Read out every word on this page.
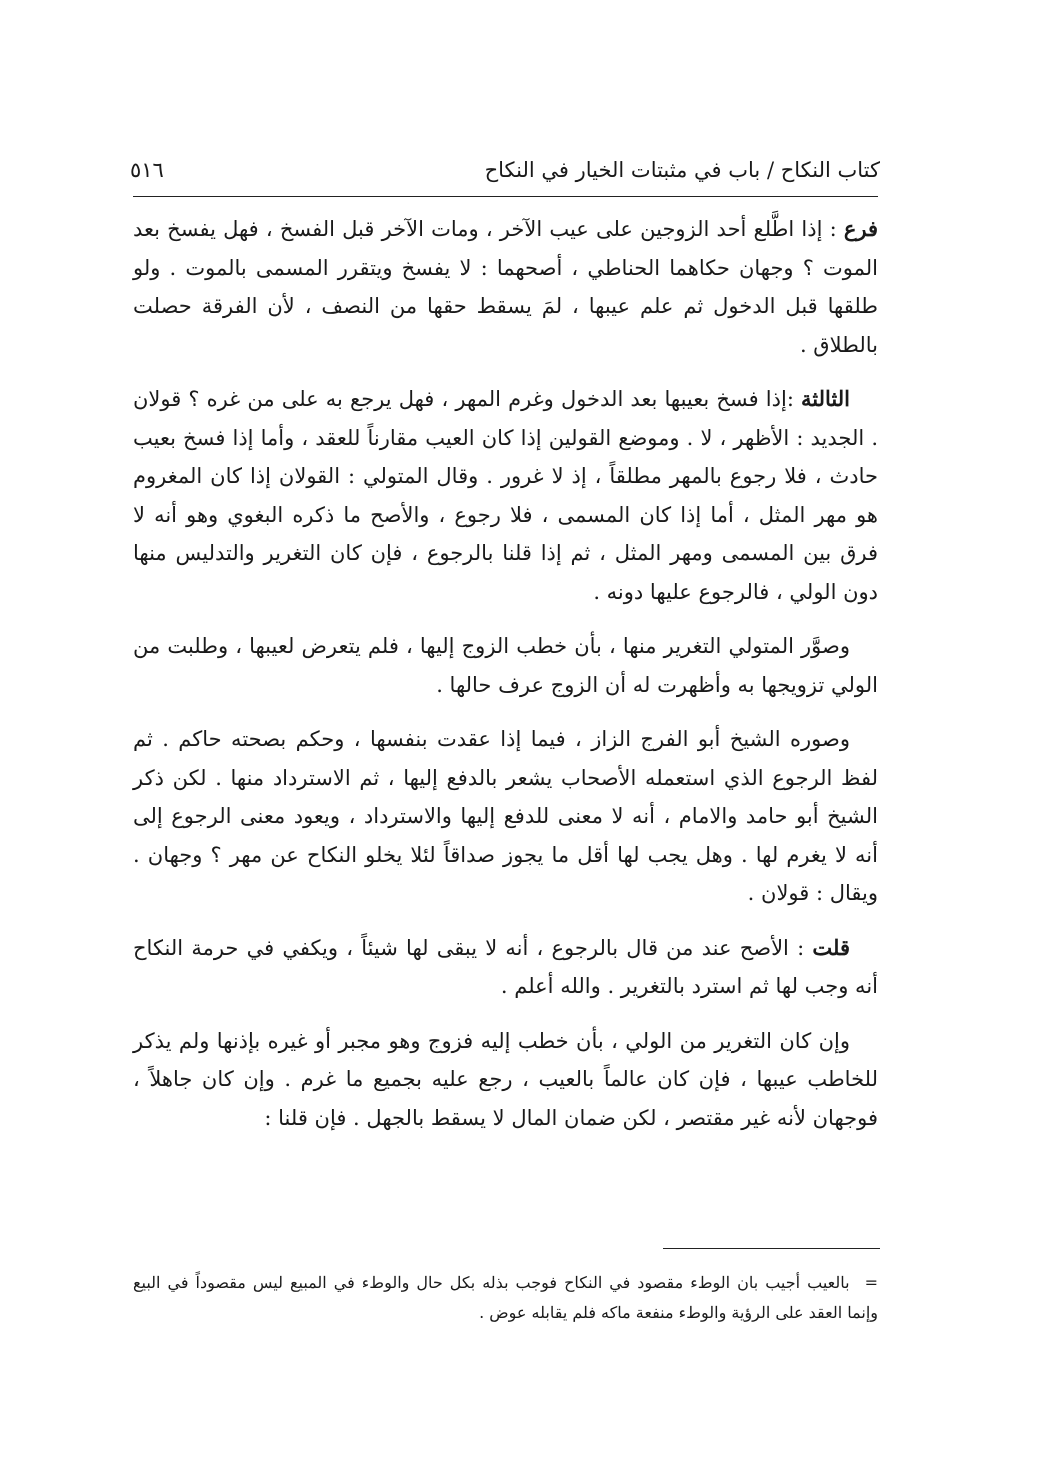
كتاب النكاح / باب في مثبتات الخيار في النكاح
٥١٦

فرع : إذا اطَّلع أحد الزوجين على عيب الآخر ، ومات الآخر قبل الفسخ ، فهل يفسخ بعد الموت ؟ وجهان حكاهما الحناطي ، أصحهما : لا يفسخ ويتقرر المسمى بالموت . ولو طلقها قبل الدخول ثم علم عيبها ، لمَ يسقط حقها من النصف ، لأن الفرقة حصلت بالطلاق .

الثالثة :إذا فسخ بعيبها بعد الدخول وغرم المهر ، فهل يرجع به على من غره ؟ قولان . الجديد : الأظهر ، لا . وموضع القولين إذا كان العيب مقارناً للعقد ، وأما إذا فسخ بعيب حادث ، فلا رجوع بالمهر مطلقاً ، إذ لا غرور . وقال المتولي : القولان إذا كان المغروم هو مهر المثل ، أما إذا كان المسمى ، فلا رجوع ، والأصح ما ذكره البغوي وهو أنه لا فرق بين المسمى ومهر المثل ، ثم إذا قلنا بالرجوع ، فإن كان التغرير والتدليس منها دون الولي ، فالرجوع عليها دونه .

وصوَّر المتولي التغرير منها ، بأن خطب الزوج إليها ، فلم يتعرض لعيبها ، وطلبت من الولي تزويجها به وأظهرت له أن الزوج عرف حالها .

وصوره الشيخ أبو الفرج الزاز ، فيما إذا عقدت بنفسها ، وحكم بصحته حاكم . ثم لفظ الرجوع الذي استعمله الأصحاب يشعر بالدفع إليها ، ثم الاسترداد منها . لكن ذكر الشيخ أبو حامد والامام ، أنه لا معنى للدفع إليها والاسترداد ، ويعود معنى الرجوع إلى أنه لا يغرم لها . وهل يجب لها أقل ما يجوز صداقاً لئلا يخلو النكاح عن مهر ؟ وجهان . ويقال : قولان .

قلت : الأصح عند من قال بالرجوع ، أنه لا يبقى لها شيئاً ، ويكفي في حرمة النكاح أنه وجب لها ثم استرد بالتغرير . والله أعلم .

وإن كان التغرير من الولي ، بأن خطب إليه فزوج وهو مجبر أو غيره بإذنها ولم يذكر للخاطب عيبها ، فإن كان عالماً بالعيب ، رجع عليه بجميع ما غرم . وإن كان جاهلاً ، فوجهان لأنه غير مقتصر ، لكن ضمان المال لا يسقط بالجهل . فإن قلنا :

= بالعيب أجيب بان الوطء مقصود في النكاح فوجب بذله بكل حال والوطء في المبيع ليس مقصوداً في البيع وإنما العقد على الرؤية والوطء منفعة ماكه فلم يقابله عوض .
